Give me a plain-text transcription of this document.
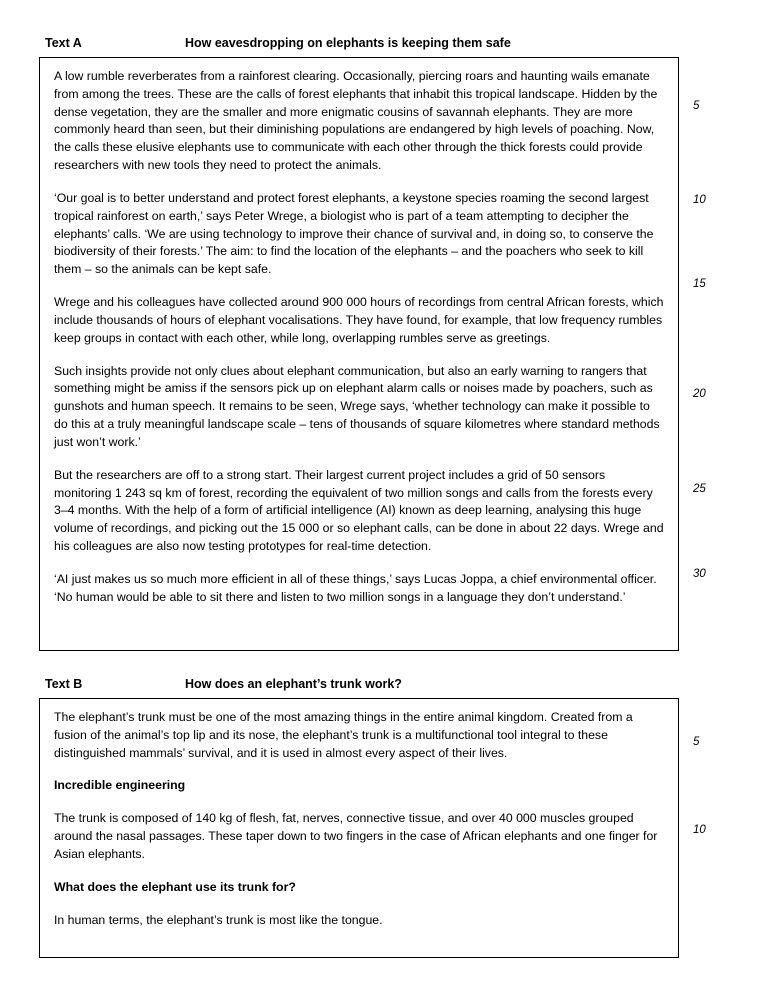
Text A	How eavesdropping on elephants is keeping them safe

A low rumble reverberates from a rainforest clearing. Occasionally, piercing roars and haunting wails emanate from among the trees. These are the calls of forest elephants that inhabit this tropical landscape. Hidden by the dense vegetation, they are the smaller and more enigmatic cousins of savannah elephants. They are more commonly heard than seen, but their diminishing populations are endangered by high levels of poaching. Now, the calls these elusive elephants use to communicate with each other through the thick forests could provide researchers with new tools they need to protect the animals.

‘Our goal is to better understand and protect forest elephants, a keystone species roaming the second largest tropical rainforest on earth,’ says Peter Wrege, a biologist who is part of a team attempting to decipher the elephants’ calls. ‘We are using technology to improve their chance of survival and, in doing so, to conserve the biodiversity of their forests.’ The aim: to find the location of the elephants – and the poachers who seek to kill them – so the animals can be kept safe.

Wrege and his colleagues have collected around 900 000 hours of recordings from central African forests, which include thousands of hours of elephant vocalisations. They have found, for example, that low frequency rumbles keep groups in contact with each other, while long, overlapping rumbles serve as greetings.

Such insights provide not only clues about elephant communication, but also an early warning to rangers that something might be amiss if the sensors pick up on elephant alarm calls or noises made by poachers, such as gunshots and human speech. It remains to be seen, Wrege says, ‘whether technology can make it possible to do this at a truly meaningful landscape scale – tens of thousands of square kilometres where standard methods just won’t work.’

But the researchers are off to a strong start. Their largest current project includes a grid of 50 sensors monitoring 1 243 sq km of forest, recording the equivalent of two million songs and calls from the forests every 3–4 months. With the help of a form of artificial intelligence (AI) known as deep learning, analysing this huge volume of recordings, and picking out the 15 000 or so elephant calls, can be done in about 22 days. Wrege and his colleagues are also now testing prototypes for real-time detection.

‘AI just makes us so much more efficient in all of these things,’ says Lucas Joppa, a chief environmental officer. ‘No human would be able to sit there and listen to two million songs in a language they don’t understand.’

5
10
15
20
25
30
Text B	How does an elephant’s trunk work?

The elephant’s trunk must be one of the most amazing things in the entire animal kingdom. Created from a fusion of the animal’s top lip and its nose, the elephant’s trunk is a multifunctional tool integral to these distinguished mammals’ survival, and it is used in almost every aspect of their lives.

Incredible engineering

The trunk is composed of 140 kg of flesh, fat, nerves, connective tissue, and over 40 000 muscles grouped around the nasal passages. These taper down to two fingers in the case of African elephants and one finger for Asian elephants.

What does the elephant use its trunk for?

In human terms, the elephant’s trunk is most like the tongue.

5
10
